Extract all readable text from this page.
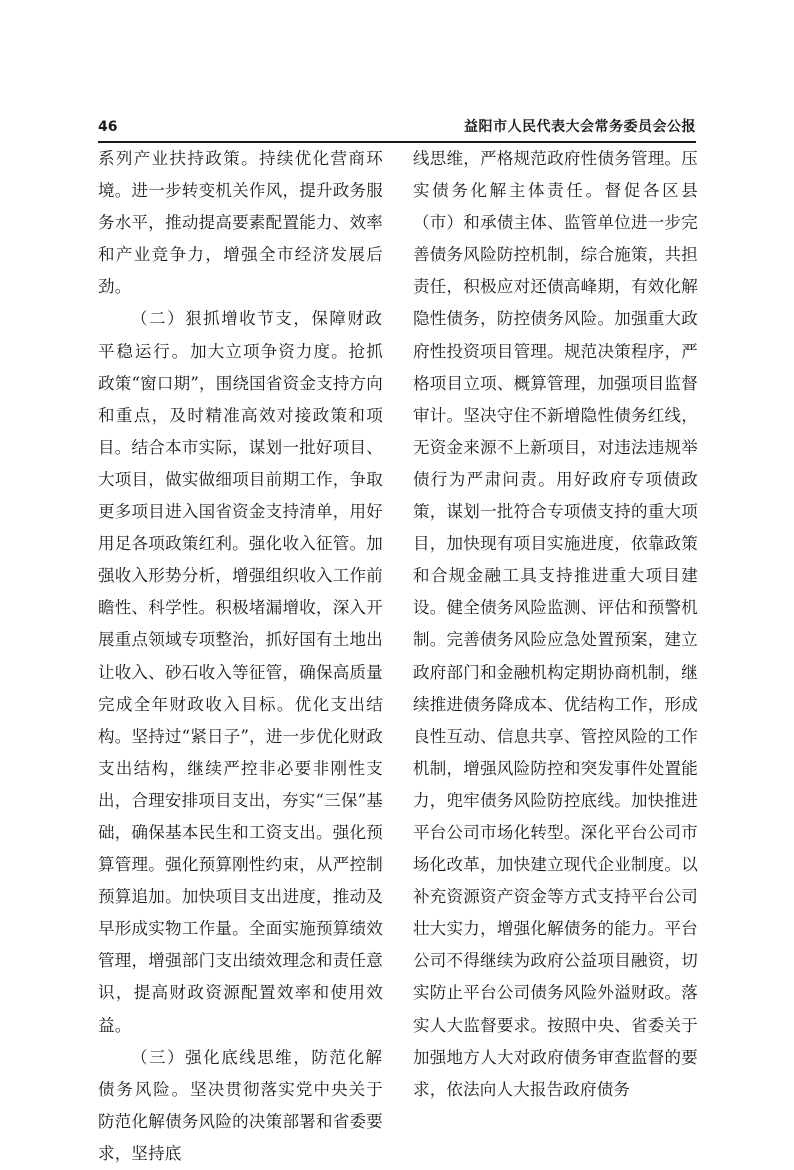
46	益阳市人民代表大会常务委员会公报

系列产业扶持政策。持续优化营商环境。进一步转变机关作风，提升政务服务水平，推动提高要素配置能力、效率和产业竞争力，增强全市经济发展后劲。

（二）狠抓增收节支，保障财政平稳运行。加大立项争资力度。抢抓政策“窗口期”，围绕国省资金支持方向和重点，及时精准高效对接政策和项目。结合本市实际，谋划一批好项目、大项目，做实做细项目前期工作，争取更多项目进入国省资金支持清单，用好用足各项政策红利。强化收入征管。加强收入形势分析，增强组织收入工作前瞻性、科学性。积极堵漏增收，深入开展重点领域专项整治，抓好国有土地出让收入、砂石收入等征管，确保高质量完成全年财政收入目标。优化支出结构。坚持过“紧日子”，进一步优化财政支出结构，继续严控非必要非刚性支出，合理安排项目支出，夯实“三保”基础，确保基本民生和工资支出。强化预算管理。强化预算刚性约束，从严控制预算追加。加快项目支出进度，推动及早形成实物工作量。全面实施预算绩效管理，增强部门支出绩效理念和责任意识，提高财政资源配置效率和使用效益。

（三）强化底线思维，防范化解债务风险。坚决贯彻落实党中央关于防范化解债务风险的决策部署和省委要求，坚持底

线思维，严格规范政府性债务管理。压实债务化解主体责任。督促各区县（市）和承债主体、监管单位进一步完善债务风险防控机制，综合施策，共担责任，积极应对还债高峰期，有效化解隐性债务，防控债务风险。加强重大政府性投资项目管理。规范决策程序，严格项目立项、概算管理，加强项目监督审计。坚决守住不新增隐性债务红线，无资金来源不上新项目，对违法违规举债行为严肃问责。用好政府专项债政策，谋划一批符合专项债支持的重大项目，加快现有项目实施进度，依靠政策和合规金融工具支持推进重大项目建设。健全债务风险监测、评估和预警机制。完善债务风险应急处置预案，建立政府部门和金融机构定期协商机制，继续推进债务降成本、优结构工作，形成良性互动、信息共享、管控风险的工作机制，增强风险防控和突发事件处置能力，兜牢债务风险防控底线。加快推进平台公司市场化转型。深化平台公司市场化改革，加快建立现代企业制度。以补充资源资产资金等方式支持平台公司壮大实力，增强化解债务的能力。平台公司不得继续为政府公益项目融资，切实防止平台公司债务风险外溢财政。落实人大监督要求。按照中央、省委关于加强地方人大对政府债务审查监督的要求，依法向人大报告政府债务
